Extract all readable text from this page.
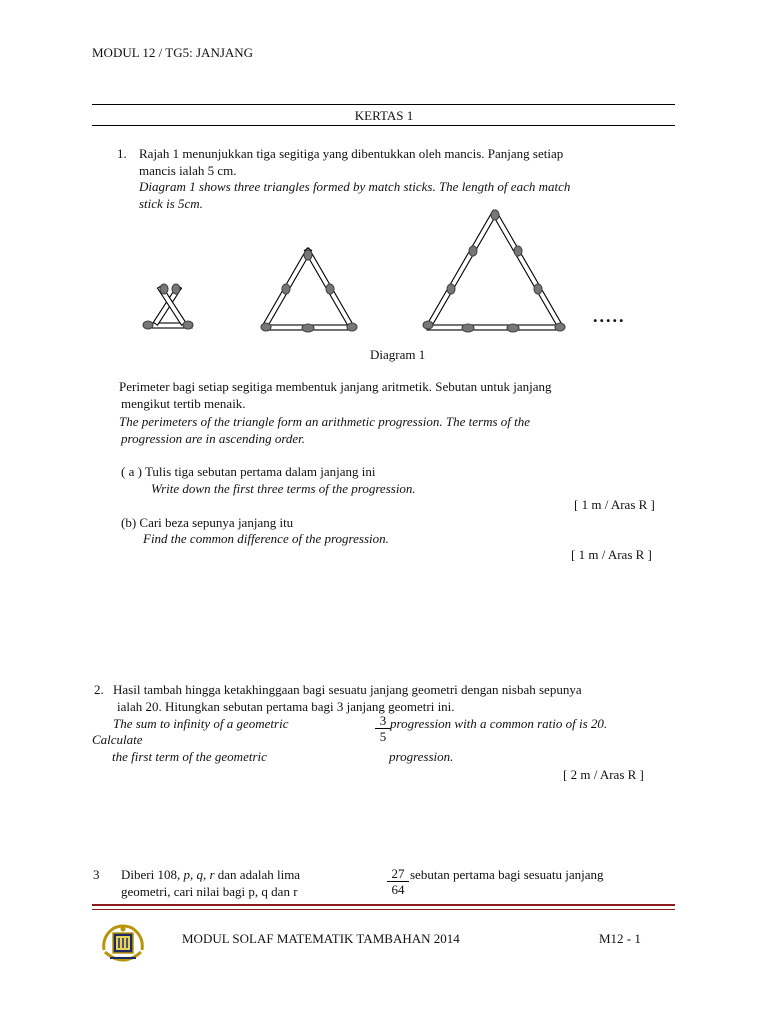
MODUL 12 / TG5: JANJANG
KERTAS 1
1. Rajah 1 menunjukkan tiga segitiga yang dibentukkan oleh mancis. Panjang setiap
mancis ialah 5 cm.
Diagram 1 shows three triangles formed by match sticks. The length of each match
stick is 5cm.
.....
Diagram 1
Perimeter bagi setiap segitiga membentuk janjang aritmetik. Sebutan untuk janjang
mengikut tertib menaik.
The perimeters of the triangle form an arithmetic progression. The terms of the
progression are in ascending order.
( a ) Tulis tiga sebutan pertama dalam janjang ini
Write down the first three terms of the progression.
[ 1 m / Aras R ]
(b) Cari beza sepunya janjang itu
Find the common difference of the progression.
[ 1 m / Aras R ]
2. Hasil tambah hingga ketakhinggaan bagi sesuatu janjang geometri dengan nisbah sepunya
ialah 20. Hitungkan sebutan pertama bagi 3 janjang geometri ini.
The sum to infinity of a geometric	$\frac{3}{5}$ progression with a common ratio of is 20.
Calculate
the first term of the geometric	progression.
[ 2 m / Aras R ]
3 Diberi 108, p, q, r dan adalah lima	$\frac{27}{64}$ sebutan pertama bagi sesuatu janjang
geometri, cari nilai bagi p, q dan r
MODUL SOLAF MATEMATIK TAMBAHAN 2014	M12 - 1
